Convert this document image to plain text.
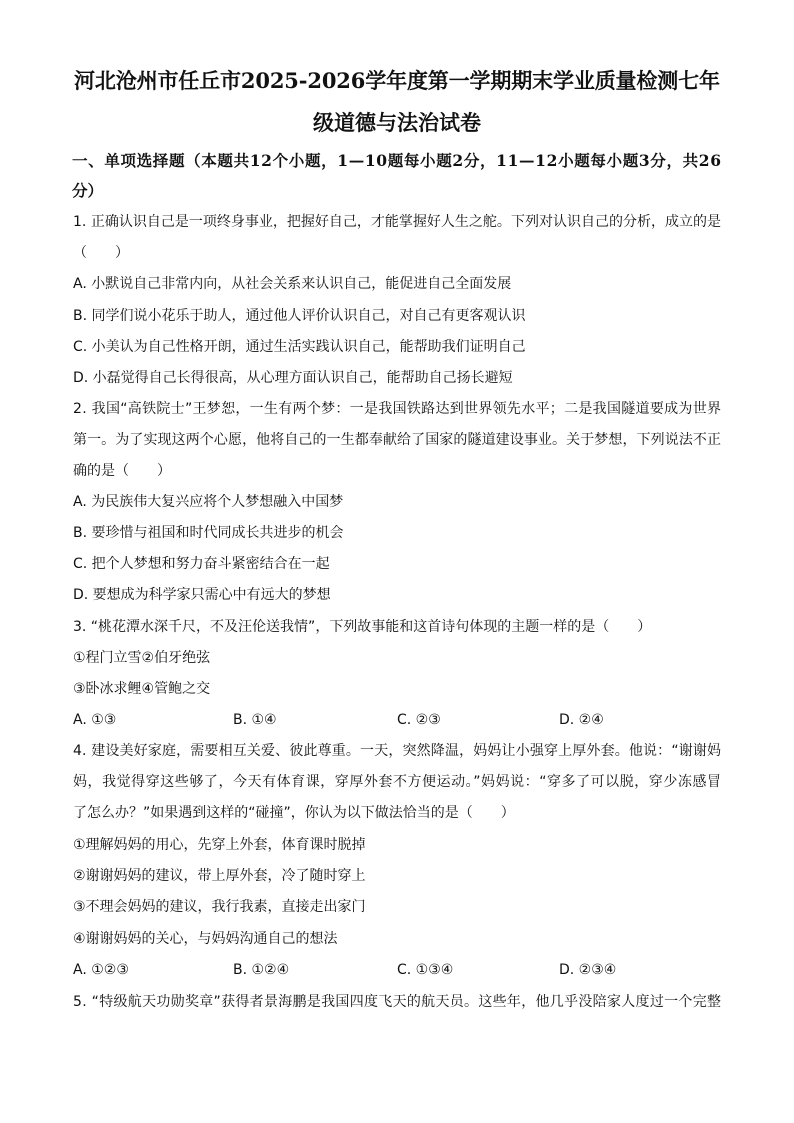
河北沧州市任丘市2025-2026学年度第一学期期末学业质量检测七年
级道德与法治试卷
一、单项选择题（本题共12个小题，1—10题每小题2分，11—12小题每小题3分，共26
分）
1. 正确认识自己是一项终身事业，把握好自己，才能掌握好人生之舵。下列对认识自己的分析，成立的是
（　　）
A. 小默说自己非常内向，从社会关系来认识自己，能促进自己全面发展
B. 同学们说小花乐于助人，通过他人评价认识自己，对自己有更客观认识
C. 小美认为自己性格开朗，通过生活实践认识自己，能帮助我们证明自己
D. 小磊觉得自己长得很高，从心理方面认识自己，能帮助自己扬长避短
2. 我国“高铁院士”王梦恕，一生有两个梦：一是我国铁路达到世界领先水平；二是我国隧道要成为世界
第一。为了实现这两个心愿，他将自己的一生都奉献给了国家的隧道建设事业。关于梦想，下列说法不正
确的是（　　）
A. 为民族伟大复兴应将个人梦想融入中国梦
B. 要珍惜与祖国和时代同成长共进步的机会
C. 把个人梦想和努力奋斗紧密结合在一起
D. 要想成为科学家只需心中有远大的梦想
3. “桃花潭水深千尺，不及汪伦送我情”，下列故事能和这首诗句体现的主题一样的是（　　）
①程门立雪②伯牙绝弦
③卧冰求鲤④管鲍之交
A. ①③	B. ①④	C. ②③	D. ②④
4. 建设美好家庭，需要相互关爱、彼此尊重。一天，突然降温，妈妈让小强穿上厚外套。他说：“谢谢妈
妈，我觉得穿这些够了，今天有体育课，穿厚外套不方便运动。”妈妈说：“穿多了可以脱，穿少冻感冒
了怎么办？”如果遇到这样的“碰撞”，你认为以下做法恰当的是（　　）
①理解妈妈的用心，先穿上外套，体育课时脱掉
②谢谢妈妈的建议，带上厚外套，冷了随时穿上
③不理会妈妈的建议，我行我素，直接走出家门
④谢谢妈妈的关心，与妈妈沟通自己的想法
A. ①②③	B. ①②④	C. ①③④	D. ②③④
5. “特级航天功勋奖章”获得者景海鹏是我国四度飞天的航天员。这些年，他几乎没陪家人度过一个完整
